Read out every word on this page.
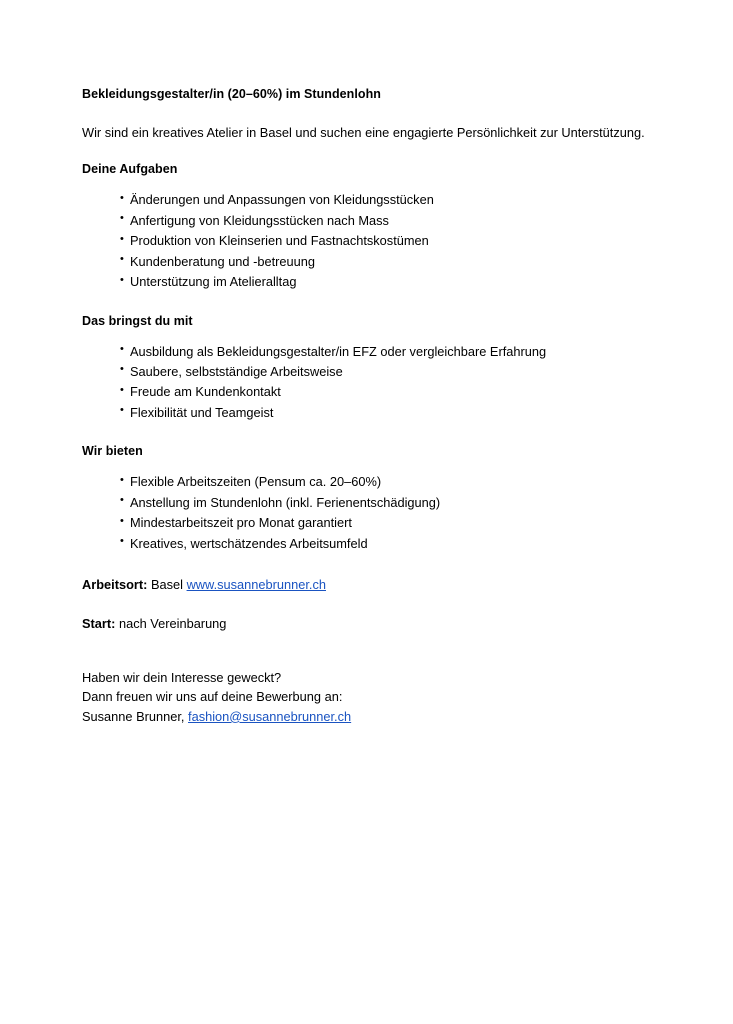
Bekleidungsgestalter/in (20–60%) im Stundenlohn

Wir sind ein kreatives Atelier in Basel und suchen eine engagierte Persönlichkeit zur Unterstützung.

Deine Aufgaben
• Änderungen und Anpassungen von Kleidungsstücken
• Anfertigung von Kleidungsstücken nach Mass
• Produktion von Kleinserien und Fastnachtskostümen
• Kundenberatung und -betreuung
• Unterstützung im Atelieralltag
Das bringst du mit
• Ausbildung als Bekleidungsgestalter/in EFZ oder vergleichbare Erfahrung
• Saubere, selbstständige Arbeitsweise
• Freude am Kundenkontakt
• Flexibilität und Teamgeist
Wir bieten
• Flexible Arbeitszeiten (Pensum ca. 20–60%)
• Anstellung im Stundenlohn (inkl. Ferienentschädigung)
• Mindestarbeitszeit pro Monat garantiert
• Kreatives, wertschätzendes Arbeitsumfeld

Arbeitsort: Basel www.susannebrunner.ch

Start: nach Vereinbarung

Haben wir dein Interesse geweckt?
Dann freuen wir uns auf deine Bewerbung an:
Susanne Brunner, fashion@susannebrunner.ch
